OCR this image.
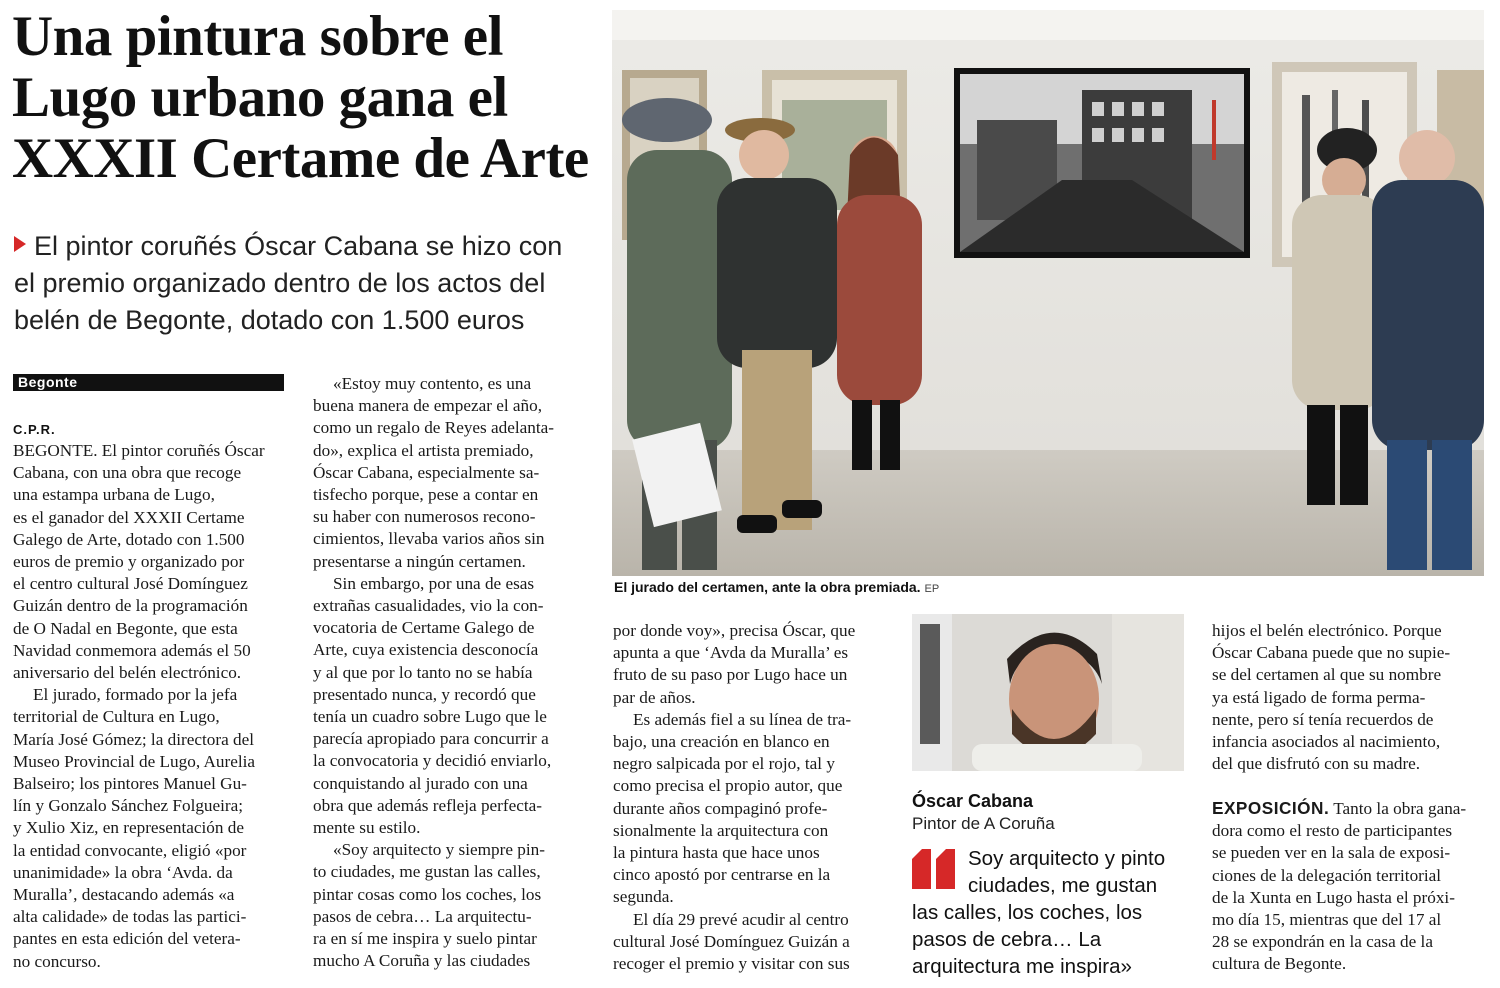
Una pintura sobre el
Lugo urbano gana el
XXXII Certame de Arte
El pintor coruñés Óscar Cabana se hizo con
el premio organizado dentro de los actos del
belén de Begonte, dotado con 1.500 euros
Begonte
C.P.R.
BEGONTE. El pintor coruñés Óscar
Cabana, con una obra que recoge
una estampa urbana de Lugo,
es el ganador del XXXII Certame
Galego de Arte, dotado con 1.500
euros de premio y organizado por
el centro cultural José Domínguez
Guizán dentro de la programación
de O Nadal en Begonte, que esta
Navidad conmemora además el 50
aniversario del belén electrónico.
El jurado, formado por la jefa
territorial de Cultura en Lugo,
María José Gómez; la directora del
Museo Provincial de Lugo, Aurelia
Balseiro; los pintores Manuel Gu-
lín y Gonzalo Sánchez Folgueira;
y Xulio Xiz, en representación de
la entidad convocante, eligió «por
unanimidade» la obra ‘Avda. da
Muralla’, destacando además «a
alta calidade» de todas las partici-
pantes en esta edición del vetera-
no concurso.
«Estoy muy contento, es una
buena manera de empezar el año,
como un regalo de Reyes adelanta-
do», explica el artista premiado,
Óscar Cabana, especialmente sa-
tisfecho porque, pese a contar en
su haber con numerosos recono-
cimientos, llevaba varios años sin
presentarse a ningún certamen.
Sin embargo, por una de esas
extrañas casualidades, vio la con-
vocatoria de Certame Galego de
Arte, cuya existencia desconocía
y al que por lo tanto no se había
presentado nunca, y recordó que
tenía un cuadro sobre Lugo que le
parecía apropiado para concurrir a
la convocatoria y decidió enviarlo,
conquistando al jurado con una
obra que además refleja perfecta-
mente su estilo.
«Soy arquitecto y siempre pin-
to ciudades, me gustan las calles,
pintar cosas como los coches, los
pasos de cebra… La arquitectu-
ra en sí me inspira y suelo pintar
mucho A Coruña y las ciudades
por donde voy», precisa Óscar, que
apunta a que ‘Avda da Muralla’ es
fruto de su paso por Lugo hace un
par de años.
Es además fiel a su línea de tra-
bajo, una creación en blanco en
negro salpicada por el rojo, tal y
como precisa el propio autor, que
durante años compaginó profe-
sionalmente la arquitectura con
la pintura hasta que hace unos
cinco apostó por centrarse en la
segunda.
El día 29 prevé acudir al centro
cultural José Domínguez Guizán a
recoger el premio y visitar con sus
hijos el belén electrónico. Porque
Óscar Cabana puede que no supie-
se del certamen al que su nombre
ya está ligado de forma perma-
nente, pero sí tenía recuerdos de
infancia asociados al nacimiento,
del que disfrutó con su madre.
EXPOSICIÓN. Tanto la obra gana-
dora como el resto de participantes
se pueden ver en la sala de exposi-
ciones de la delegación territorial
de la Xunta en Lugo hasta el próxi-
mo día 15, mientras que del 17 al
28 se expondrán en la casa de la
cultura de Begonte.
El jurado del certamen, ante la obra premiada. EP
Óscar Cabana
Pintor de A Coruña
Soy arquitecto y pinto
ciudades, me gustan
las calles, los coches, los
pasos de cebra… La
arquitectura me inspira»
